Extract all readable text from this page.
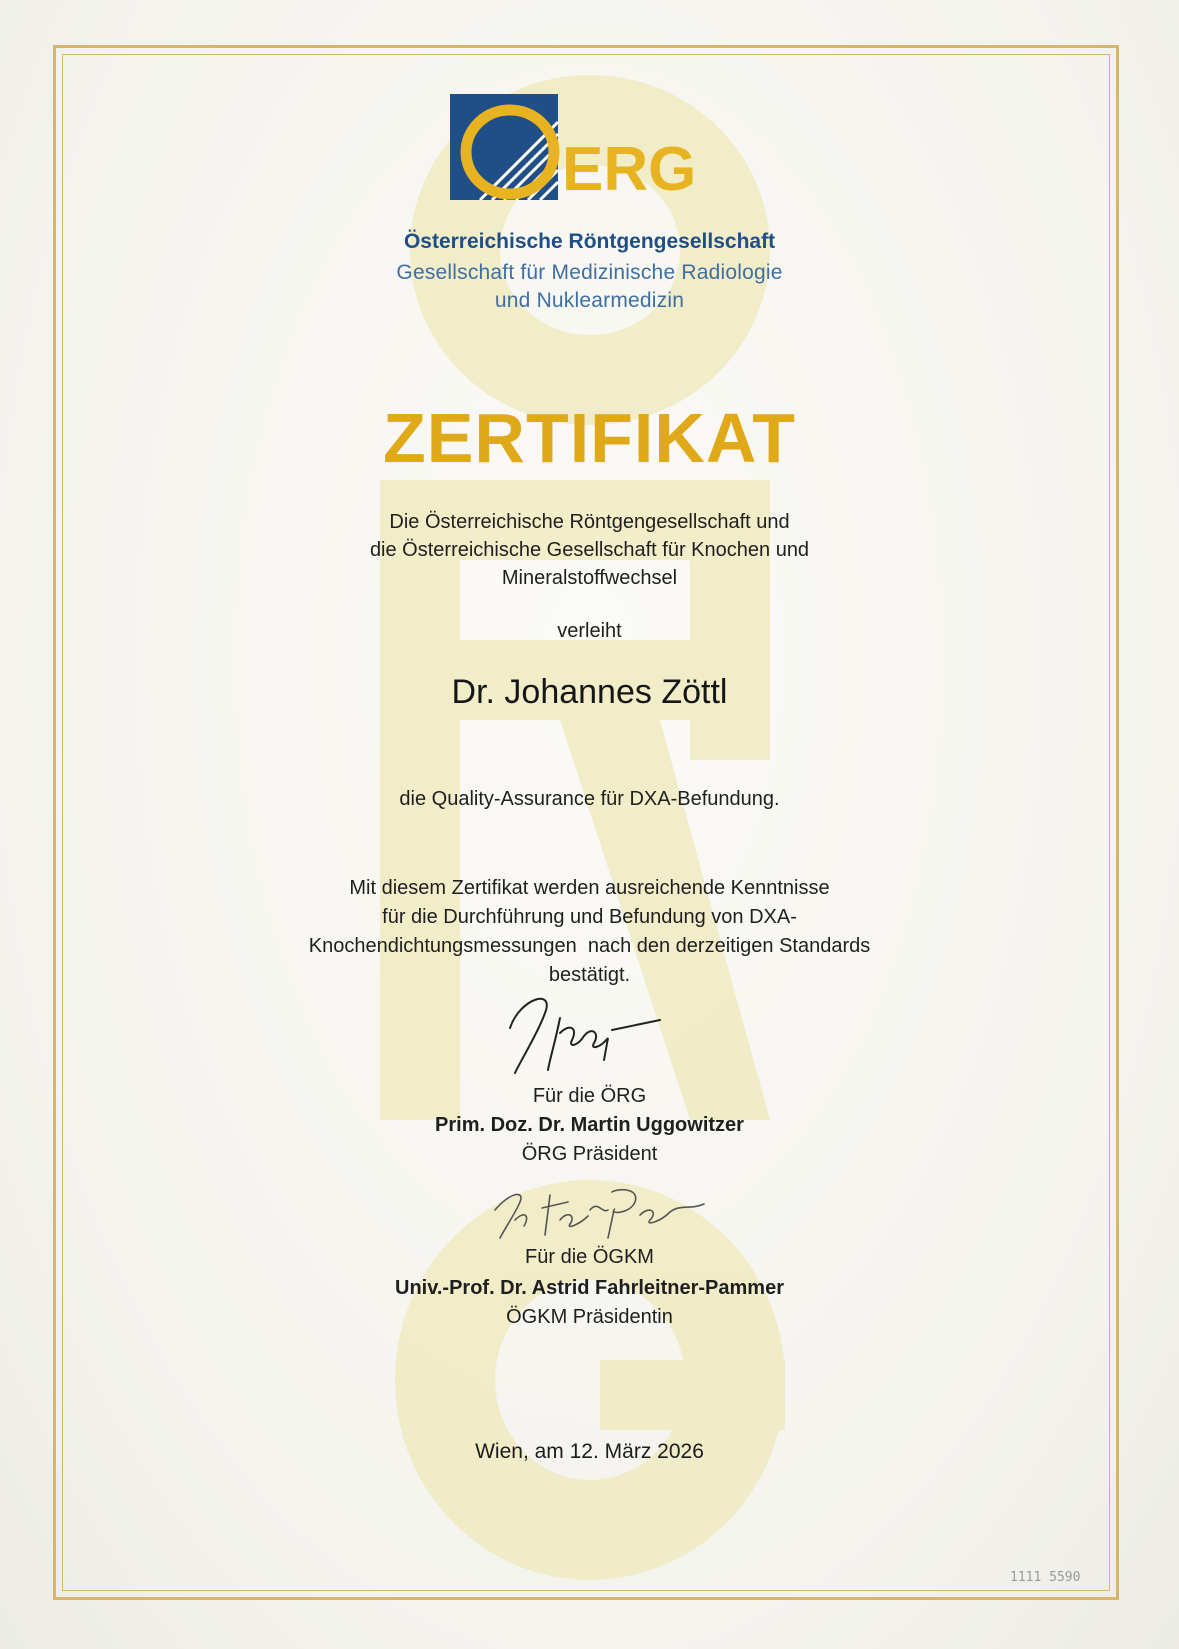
ERG
Österreichische Röntgengesellschaft
Gesellschaft für Medizinische Radiologie
und Nuklearmedizin
ZERTIFIKAT
Die Österreichische Röntgengesellschaft und
die Österreichische Gesellschaft für Knochen und
Mineralstoffwechsel
verleiht
Dr. Johannes Zöttl
die Quality-Assurance für DXA-Befundung.
Mit diesem Zertifikat werden ausreichende Kenntnisse
für die Durchführung und Befundung von DXA-
Knochendichtungsmessungen  nach den derzeitigen Standards
bestätigt.
Für die ÖRG
Prim. Doz. Dr. Martin Uggowitzer
ÖRG Präsident
Für die ÖGKM
Univ.-Prof. Dr. Astrid Fahrleitner-Pammer
ÖGKM Präsidentin
Wien, am 12. März 2026
1111 5590
